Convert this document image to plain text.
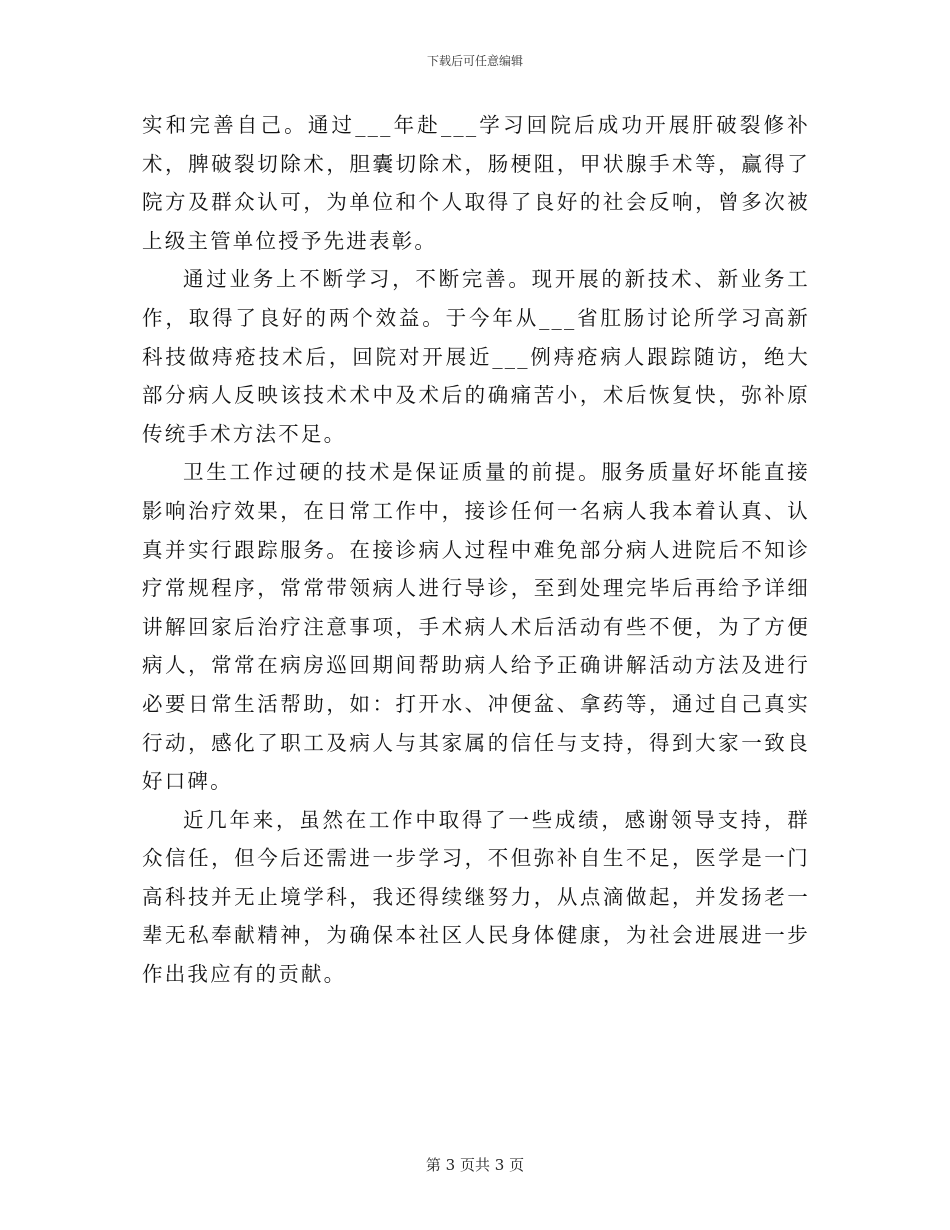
下载后可任意编辑

实和完善自己。通过___年赴___学习回院后成功开展肝破裂修补术，脾破裂切除术，胆囊切除术，肠梗阻，甲状腺手术等，赢得了院方及群众认可，为单位和个人取得了良好的社会反响，曾多次被上级主管单位授予先进表彰。

通过业务上不断学习，不断完善。现开展的新技术、新业务工作，取得了良好的两个效益。于今年从___省肛肠讨论所学习高新科技做痔疮技术后，回院对开展近___例痔疮病人跟踪随访，绝大部分病人反映该技术术中及术后的确痛苦小，术后恢复快，弥补原传统手术方法不足。

卫生工作过硬的技术是保证质量的前提。服务质量好坏能直接影响治疗效果，在日常工作中，接诊任何一名病人我本着认真、认真并实行跟踪服务。在接诊病人过程中难免部分病人进院后不知诊疗常规程序，常常带领病人进行导诊，至到处理完毕后再给予详细讲解回家后治疗注意事项，手术病人术后活动有些不便，为了方便病人，常常在病房巡回期间帮助病人给予正确讲解活动方法及进行必要日常生活帮助，如：打开水、冲便盆、拿药等，通过自己真实行动，感化了职工及病人与其家属的信任与支持，得到大家一致良好口碑。

近几年来，虽然在工作中取得了一些成绩，感谢领导支持，群众信任，但今后还需进一步学习，不但弥补自生不足，医学是一门高科技并无止境学科，我还得续继努力，从点滴做起，并发扬老一辈无私奉献精神，为确保本社区人民身体健康，为社会进展进一步作出我应有的贡献。

第 3 页共 3 页
